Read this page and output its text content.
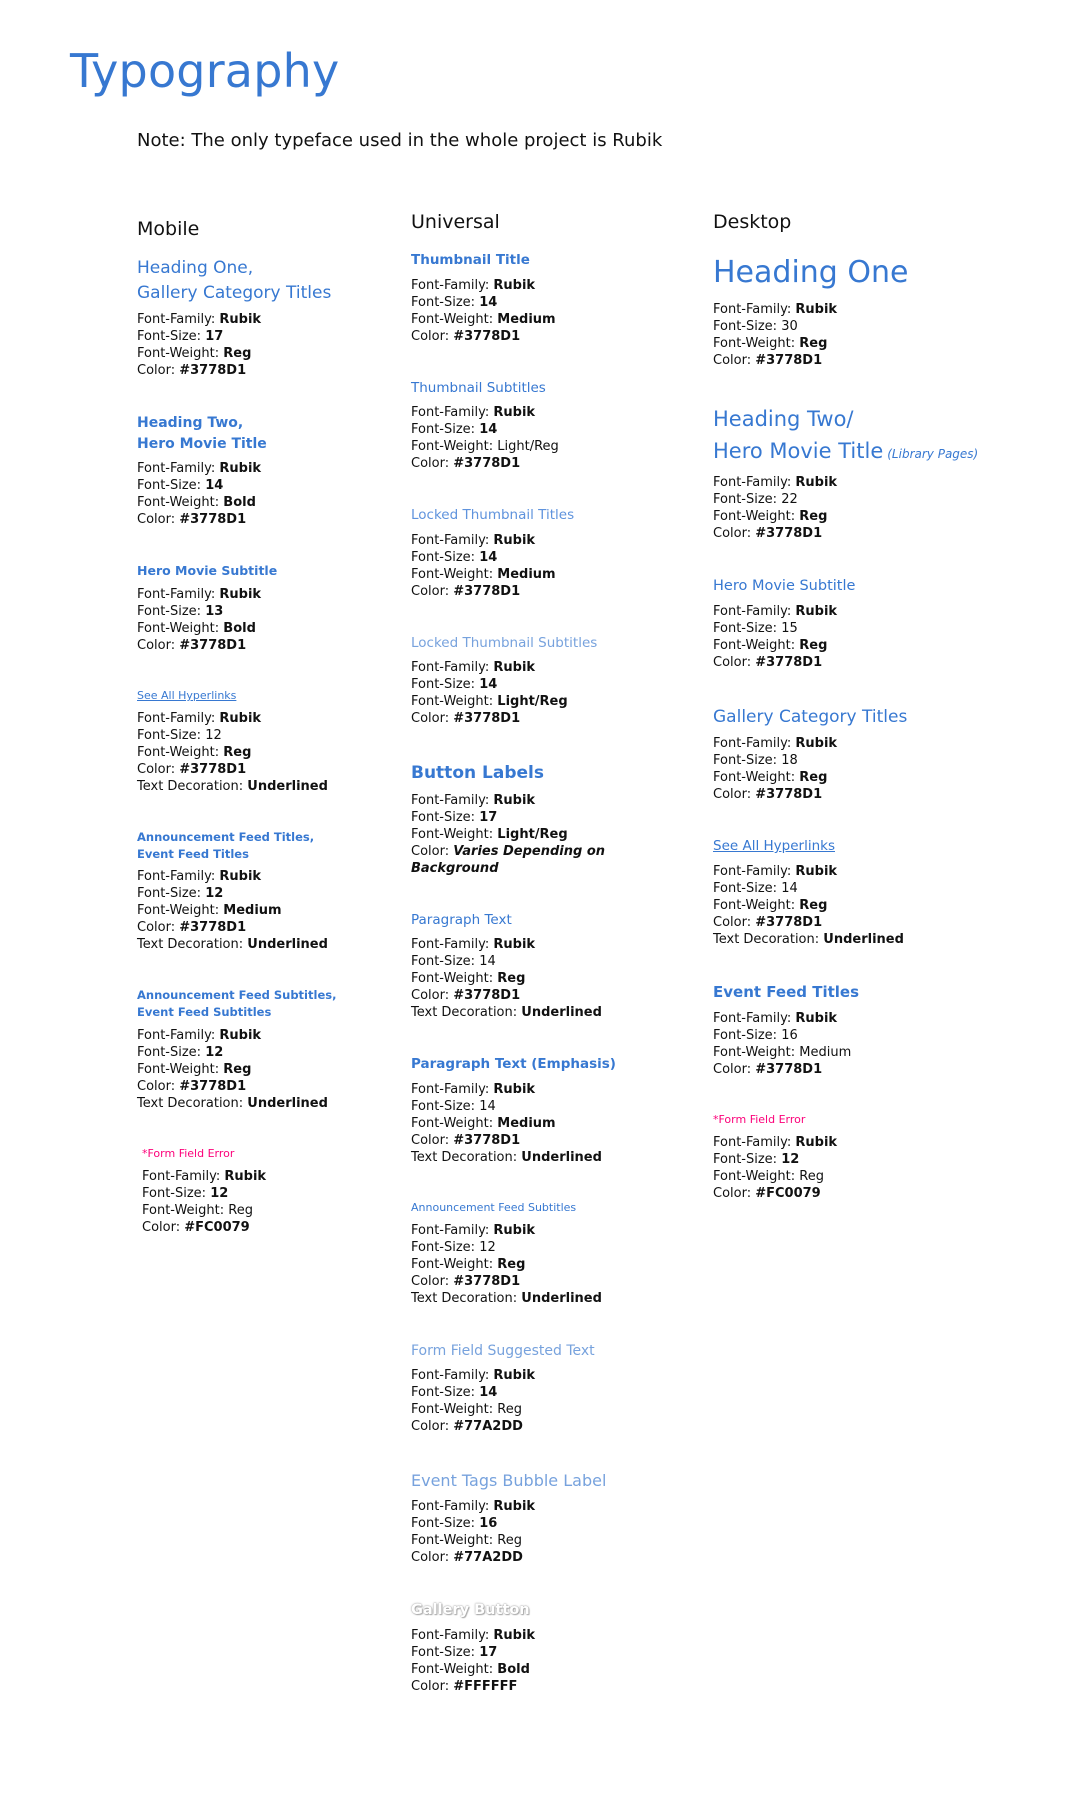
Typography
Note: The only typeface used in the whole project is Rubik
Mobile
Heading One,
Gallery Category Titles
Font-Family: Rubik
Font-Size: 17
Font-Weight: Reg
Color: #3778D1
Heading Two,
Hero Movie Title
Font-Family: Rubik
Font-Size: 14
Font-Weight: Bold
Color: #3778D1
Hero Movie Subtitle
Font-Family: Rubik
Font-Size: 13
Font-Weight: Bold
Color: #3778D1
See All Hyperlinks
Font-Family: Rubik
Font-Size: 12
Font-Weight: Reg
Color: #3778D1
Text Decoration: Underlined
Announcement Feed Titles,
Event Feed Titles
Font-Family: Rubik
Font-Size: 12
Font-Weight: Medium
Color: #3778D1
Text Decoration: Underlined
Announcement Feed Subtitles,
Event Feed Subtitles
Font-Family: Rubik
Font-Size: 12
Font-Weight: Reg
Color: #3778D1
Text Decoration: Underlined
*Form Field Error
Font-Family: Rubik
Font-Size: 12
Font-Weight: Reg
Color: #FC0079
Universal
Thumbnail Title
Font-Family: Rubik
Font-Size: 14
Font-Weight: Medium
Color: #3778D1
Thumbnail Subtitles
Font-Family: Rubik
Font-Size: 14
Font-Weight: Light/Reg
Color: #3778D1
Locked Thumbnail Titles
Font-Family: Rubik
Font-Size: 14
Font-Weight: Medium
Color: #3778D1
Locked Thumbnail Subtitles
Font-Family: Rubik
Font-Size: 14
Font-Weight: Light/Reg
Color: #3778D1
Button Labels
Font-Family: Rubik
Font-Size: 17
Font-Weight: Light/Reg
Color: Varies Depending on Background
Paragraph Text
Font-Family: Rubik
Font-Size: 14
Font-Weight: Reg
Color: #3778D1
Text Decoration: Underlined
Paragraph Text (Emphasis)
Font-Family: Rubik
Font-Size: 14
Font-Weight: Medium
Color: #3778D1
Text Decoration: Underlined
Announcement Feed Subtitles
Font-Family: Rubik
Font-Size: 12
Font-Weight: Reg
Color: #3778D1
Text Decoration: Underlined
Form Field Suggested Text
Font-Family: Rubik
Font-Size: 14
Font-Weight: Reg
Color: #77A2DD
Event Tags Bubble Label
Font-Family: Rubik
Font-Size: 16
Font-Weight: Reg
Color: #77A2DD
Gallery Button
Font-Family: Rubik
Font-Size: 17
Font-Weight: Bold
Color: #FFFFFF
Desktop
Heading One
Font-Family: Rubik
Font-Size: 30
Font-Weight: Reg
Color: #3778D1
Heading Two/
Hero Movie Title (Library Pages)
Font-Family: Rubik
Font-Size: 22
Font-Weight: Reg
Color: #3778D1
Hero Movie Subtitle
Font-Family: Rubik
Font-Size: 15
Font-Weight: Reg
Color: #3778D1
Gallery Category Titles
Font-Family: Rubik
Font-Size: 18
Font-Weight: Reg
Color: #3778D1
See All Hyperlinks
Font-Family: Rubik
Font-Size: 14
Font-Weight: Reg
Color: #3778D1
Text Decoration: Underlined
Event Feed Titles
Font-Family: Rubik
Font-Size: 16
Font-Weight: Medium
Color: #3778D1
*Form Field Error
Font-Family: Rubik
Font-Size: 12
Font-Weight: Reg
Color: #FC0079
